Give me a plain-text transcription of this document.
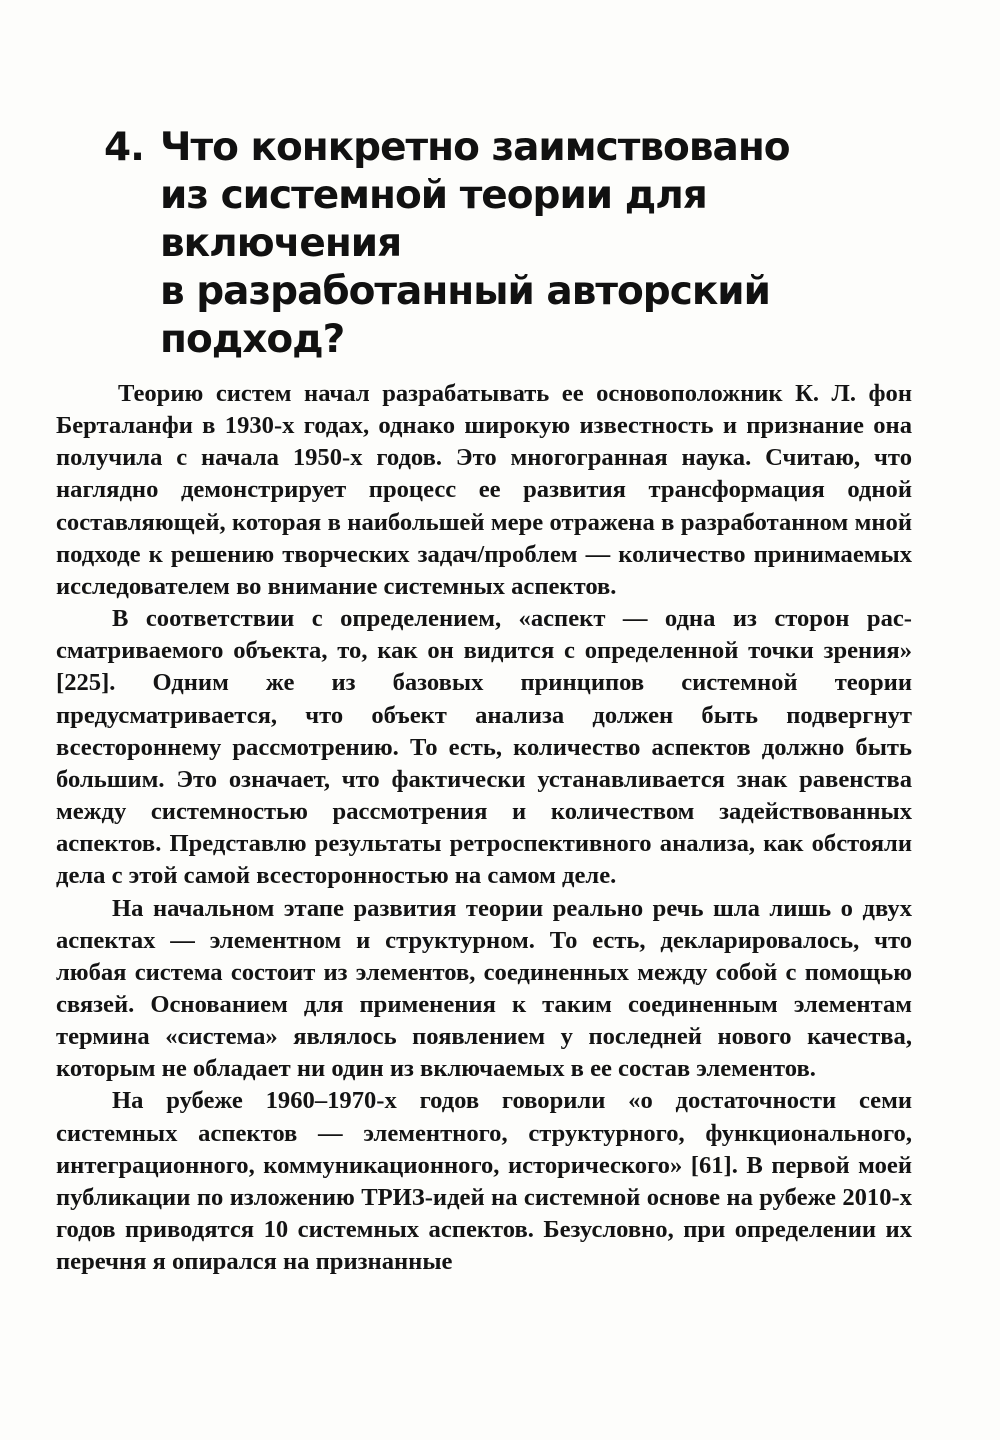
4. Что конкретно заимствовано
из системной теории для включения
в разработанный авторский подход?

Теорию систем начал разрабатывать ее основоположник К. Л. фон Берталанфи в 1930-х годах, однако широкую известность и признание она получила с начала 1950-х годов. Это многогранная наука. Считаю, что наглядно демонстрирует процесс ее развития трансформация одной составляющей, которая в наибольшей мере отражена в разработанном мной подходе к решению творческих задач/проблем — количество принимаемых исследователем во внимание системных аспектов.

В соответствии с определением, «аспект — одна из сторон рассматриваемого объекта, то, как он видится с определенной точки зрения» [225]. Одним же из базовых принципов системной теории предусматривается, что объект анализа должен быть подвергнут всестороннему рассмотрению. То есть, количество аспектов должно быть большим. Это означает, что фактически устанавливается знак равенства между системностью рассмотрения и количеством задействованных аспектов. Представлю результаты ретроспективного анализа, как обстояли дела с этой самой всесторонностью на самом деле.

На начальном этапе развития теории реально речь шла лишь о двух аспектах — элементном и структурном. То есть, декларировалось, что любая система состоит из элементов, соединенных между собой с помощью связей. Основанием для применения к таким соединенным элементам термина «система» являлось появлением у последней нового качества, которым не обладает ни один из включаемых в ее состав элементов.

На рубеже 1960–1970-х годов говорили «о достаточности семи системных аспектов — элементного, структурного, функционального, интеграционного, коммуникационного, исторического» [61]. В первой моей публикации по изложению ТРИЗ-идей на системной основе на рубеже 2010-х годов приводятся 10 системных аспектов. Безусловно, при определении их перечня я опирался на признанные
